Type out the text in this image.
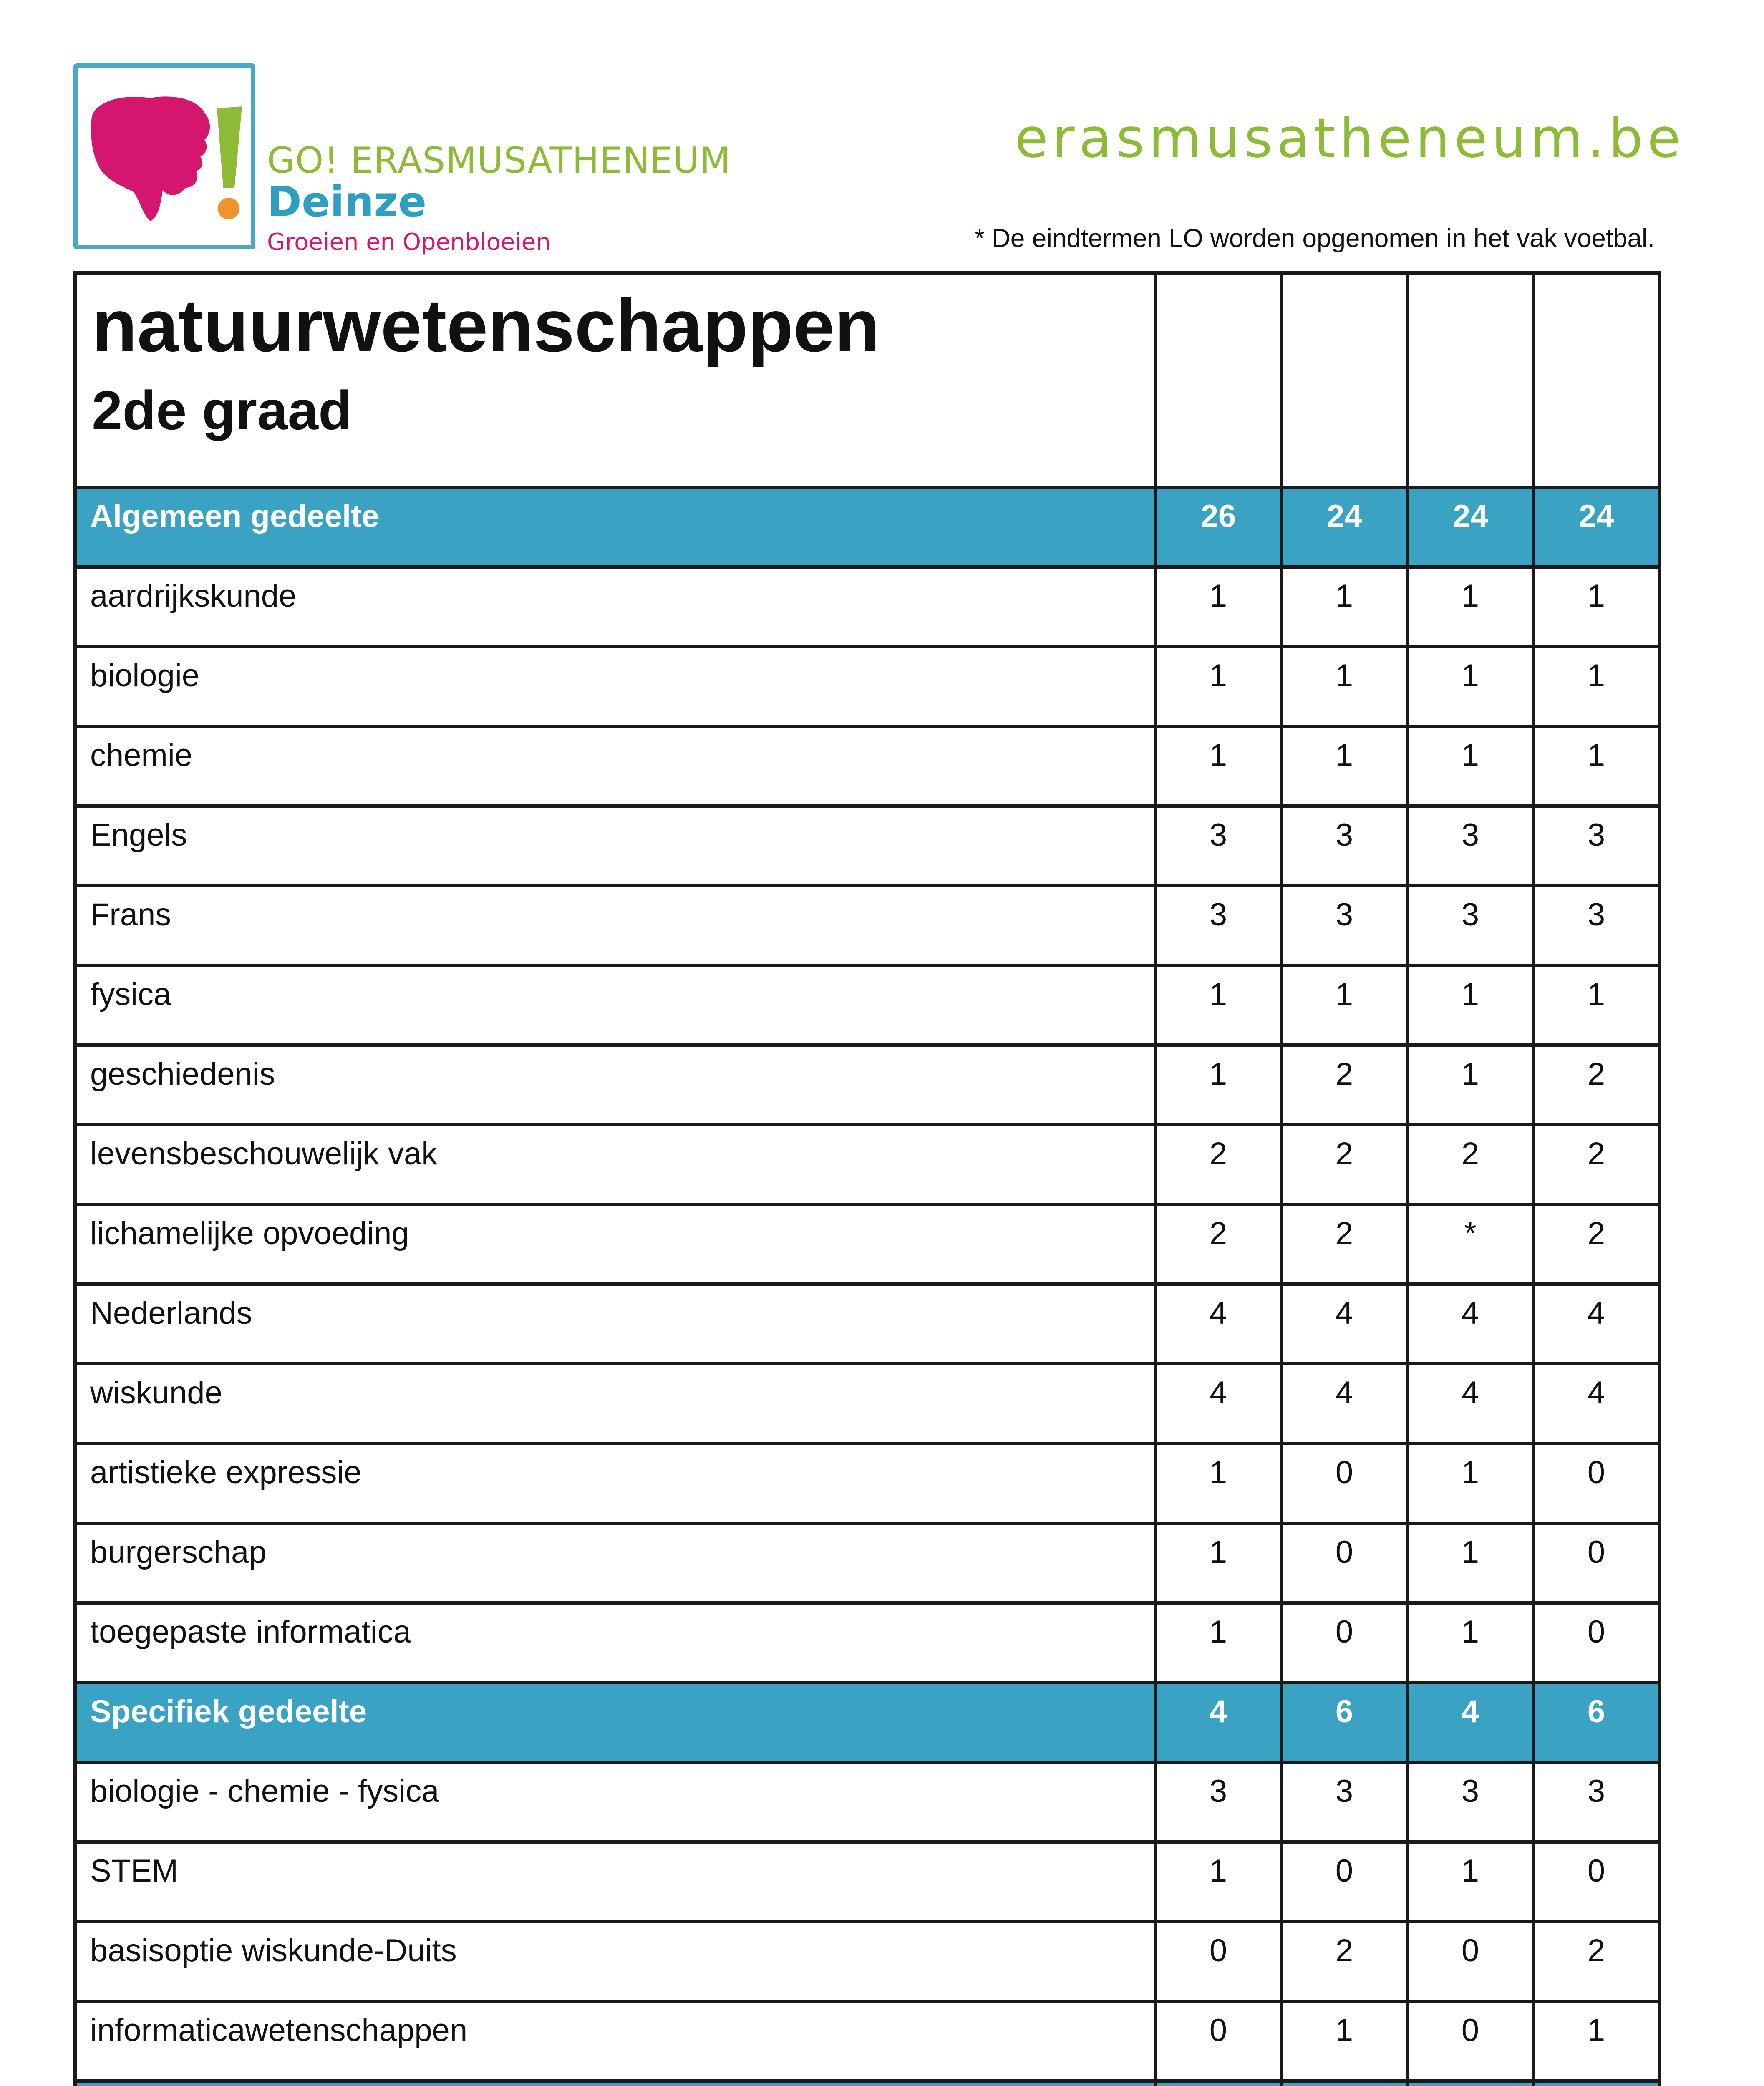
GO! ERASMUSATHENEUM
Deinze
Groeien en Openbloeien
erasmusatheneum.be
* De eindtermen LO worden opgenomen in het vak voetbal.
natuurwetenschappen
2de graad

Algemeen gedeelte	26	24	24	24
aardrijkskunde	1	1	1	1
biologie	1	1	1	1
chemie	1	1	1	1
Engels	3	3	3	3
Frans	3	3	3	3
fysica	1	1	1	1
geschiedenis	1	2	1	2
levensbeschouwelijk vak	2	2	2	2
lichamelijke opvoeding	2	2	*	2
Nederlands	4	4	4	4
wiskunde	4	4	4	4
artistieke expressie	1	0	1	0
burgerschap	1	0	1	0
toegepaste informatica	1	0	1	0
Specifiek gedeelte	4	6	4	6
biologie - chemie - fysica	3	3	3	3
STEM	1	0	1	0
basisoptie wiskunde-Duits	0	2	0	2
informaticawetenschappen	0	1	0	1
